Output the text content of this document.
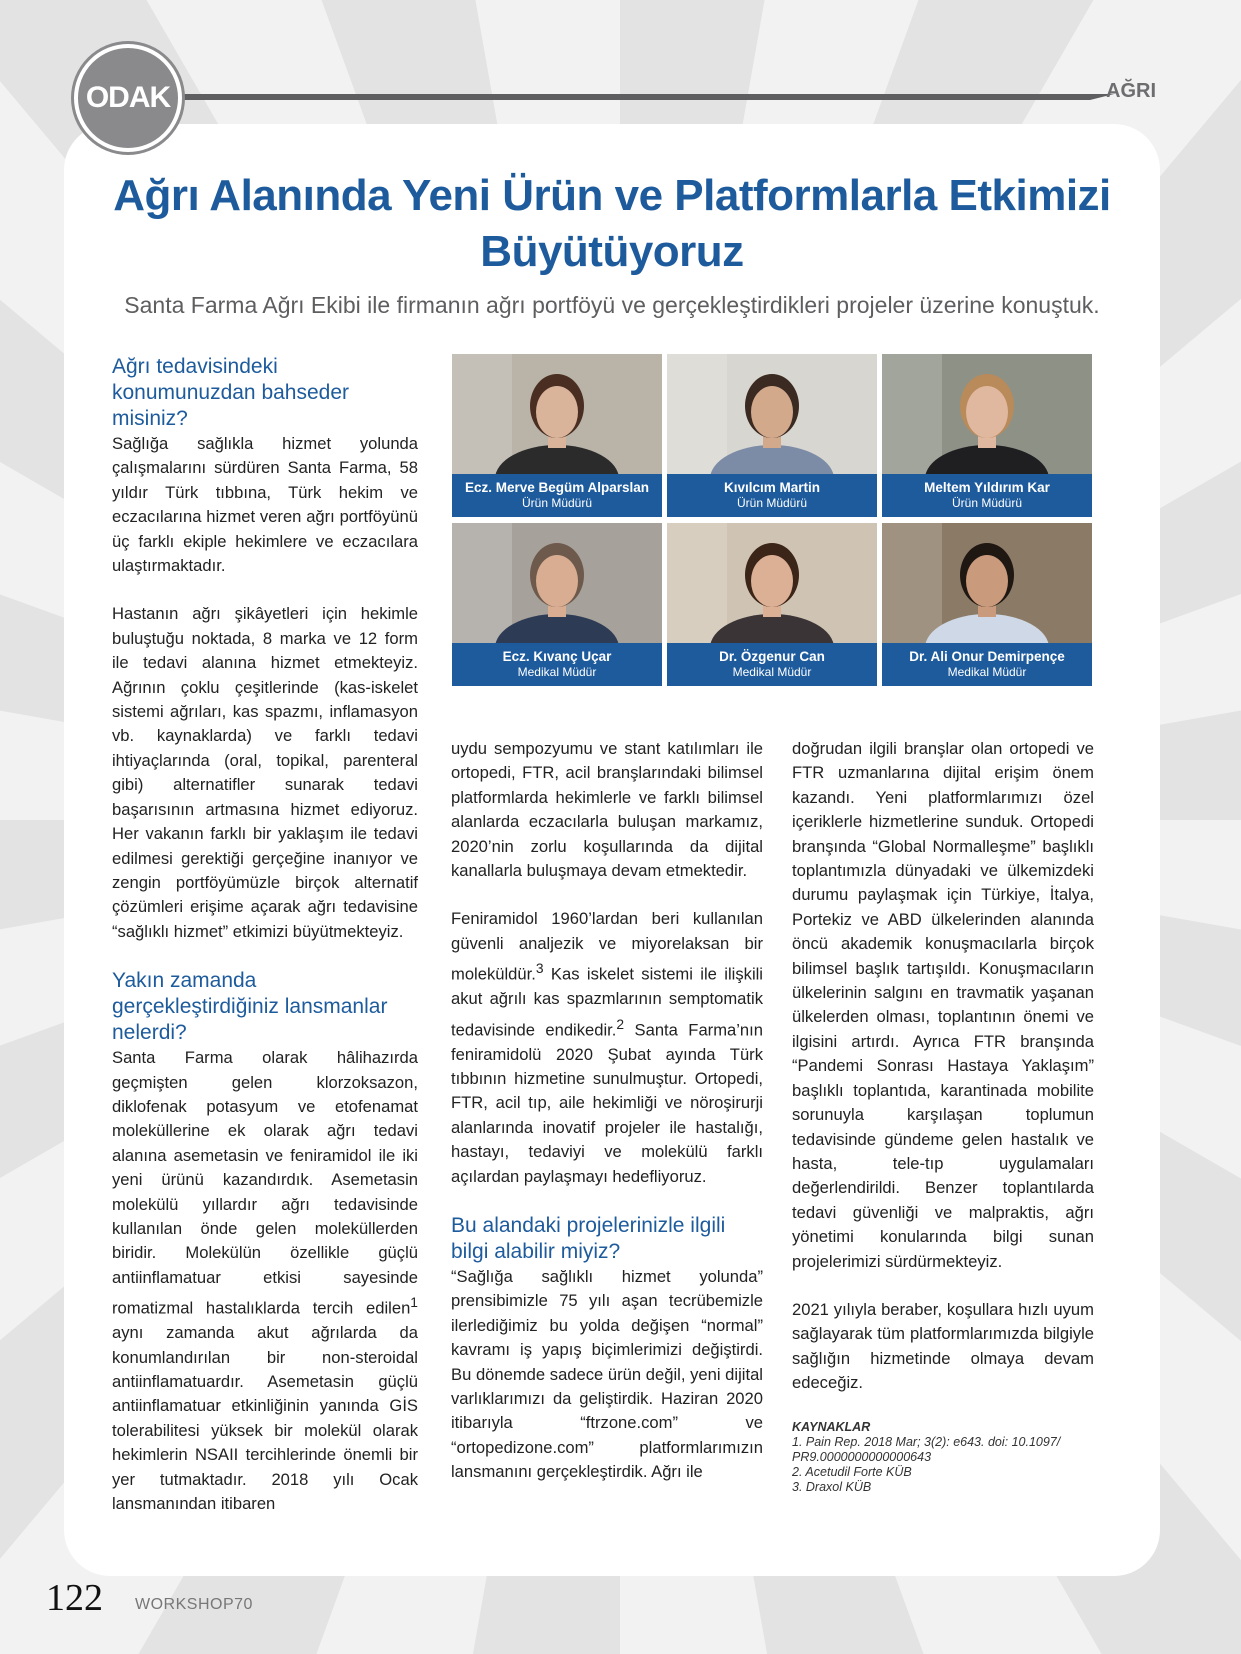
ODAK	AĞRI
Ağrı Alanında Yeni Ürün ve Platformlarla Etkimizi Büyütüyoruz
Santa Farma Ağrı Ekibi ile firmanın ağrı portföyü ve gerçekleştirdikleri projeler üzerine konuştuk.
Ağrı tedavisindeki konumunuzdan bahseder misiniz?

Sağlığa sağlıkla hizmet yolunda çalışmalarını sürdüren Santa Farma, 58 yıldır Türk tıbbına, Türk hekim ve eczacılarına hizmet veren ağrı portföyünü üç farklı ekiple hekimlere ve eczacılara ulaştırmaktadır.

Hastanın ağrı şikâyetleri için hekimle buluştuğu noktada, 8 marka ve 12 form ile tedavi alanına hizmet etmekteyiz. Ağrının çoklu çeşitlerinde (kas-iskelet sistemi ağrıları, kas spazmı, inflamasyon vb. kaynaklarda) ve farklı tedavi ihtiyaçlarında (oral, topikal, parenteral gibi) alternatifler sunarak tedavi başarısının artmasına hizmet ediyoruz. Her vakanın farklı bir yaklaşım ile tedavi edilmesi gerektiği gerçeğine inanıyor ve zengin portföyümüzle birçok alternatif çözümleri erişime açarak ağrı tedavisine “sağlıklı hizmet” etkimizi büyütmekteyiz.

Yakın zamanda gerçekleştirdiğiniz lansmanlar nelerdi?

Santa Farma olarak hâlihazırda geçmişten gelen klorzoksazon, diklofenak potasyum ve etofenamat moleküllerine ek olarak ağrı tedavi alanına asemetasin ve feniramidol ile iki yeni ürünü kazandırdık. Asemetasin molekülü yıllardır ağrı tedavisinde kullanılan önde gelen moleküllerden biridir. Molekülün özellikle güçlü antiinflamatuar etkisi sayesinde romatizmal hastalıklarda tercih edilen$^1$ aynı zamanda akut ağrılarda da konumlandırılan bir non-steroidal antiinflamatuardır. Asemetasin güçlü antiinflamatuar etkinliğinin yanında GİS tolerabilitesi yüksek bir molekül olarak hekimlerin NSAII tercihlerinde önemli bir yer tutmaktadır. 2018 yılı Ocak lansmanından itibaren

Ecz. Merve Begüm Alparslan
Ürün Müdürü
Kıvılcım Martin
Ürün Müdürü
Meltem Yıldırım Kar
Ürün Müdürü
Ecz. Kıvanç Uçar
Medikal Müdür
Dr. Özgenur Can
Medikal Müdür
Dr. Ali Onur Demirpençe
Medikal Müdür

uydu sempozyumu ve stant katılımları ile ortopedi, FTR, acil branşlarındaki bilimsel platformlarda hekimlerle ve farklı bilimsel alanlarda eczacılarla buluşan markamız, 2020’nin zorlu koşullarında da dijital kanallarla buluşmaya devam etmektedir.

Feniramidol 1960’lardan beri kullanılan güvenli analjezik ve miyorelaksan bir moleküldür.$^3$ Kas iskelet sistemi ile ilişkili akut ağrılı kas spazmlarının semptomatik tedavisinde endikedir.$^2$ Santa Farma’nın feniramidolü 2020 Şubat ayında Türk tıbbının hizmetine sunulmuştur. Ortopedi, FTR, acil tıp, aile hekimliği ve nöroşirurji alanlarında inovatif projeler ile hastalığı, hastayı, tedaviyi ve molekülü farklı açılardan paylaşmayı hedefliyoruz.

Bu alandaki projelerinizle ilgili bilgi alabilir miyiz?

“Sağlığa sağlıklı hizmet yolunda” prensibimizle 75 yılı aşan tecrübemizle ilerlediğimiz bu yolda değişen “normal” kavramı iş yapış biçimlerimizi değiştirdi. Bu dönemde sadece ürün değil, yeni dijital varlıklarımızı da geliştirdik. Haziran 2020 itibarıyla “ftrzone.com” ve “ortopedizone.com” platformlarımızın lansmanını gerçekleştirdik. Ağrı ile

doğrudan ilgili branşlar olan ortopedi ve FTR uzmanlarına dijital erişim önem kazandı. Yeni platformlarımızı özel içeriklerle hizmetlerine sunduk. Ortopedi branşında “Global Normalleşme” başlıklı toplantımızla dünyadaki ve ülkemizdeki durumu paylaşmak için Türkiye, İtalya, Portekiz ve ABD ülkelerinden alanında öncü akademik konuşmacılarla birçok bilimsel başlık tartışıldı. Konuşmacıların ülkelerinin salgını en travmatik yaşanan ülkelerden olması, toplantının önemi ve ilgisini artırdı. Ayrıca FTR branşında “Pandemi Sonrası Hastaya Yaklaşım” başlıklı toplantıda, karantinada mobilite sorunuyla karşılaşan toplumun tedavisinde gündeme gelen hastalık ve hasta, tele-tıp uygulamaları değerlendirildi. Benzer toplantılarda tedavi güvenliği ve malpraktis, ağrı yönetimi konularında bilgi sunan projelerimizi sürdürmekteyiz.

2021 yılıyla beraber, koşullara hızlı uyum sağlayarak tüm platformlarımızda bilgiyle sağlığın hizmetinde olmaya devam edeceğiz.

KAYNAKLAR
1. Pain Rep. 2018 Mar; 3(2): e643. doi: 10.1097/ PR9.0000000000000643
2. Acetudil Forte KÜB
3. Draxol KÜB
122 WORKSHOP70
